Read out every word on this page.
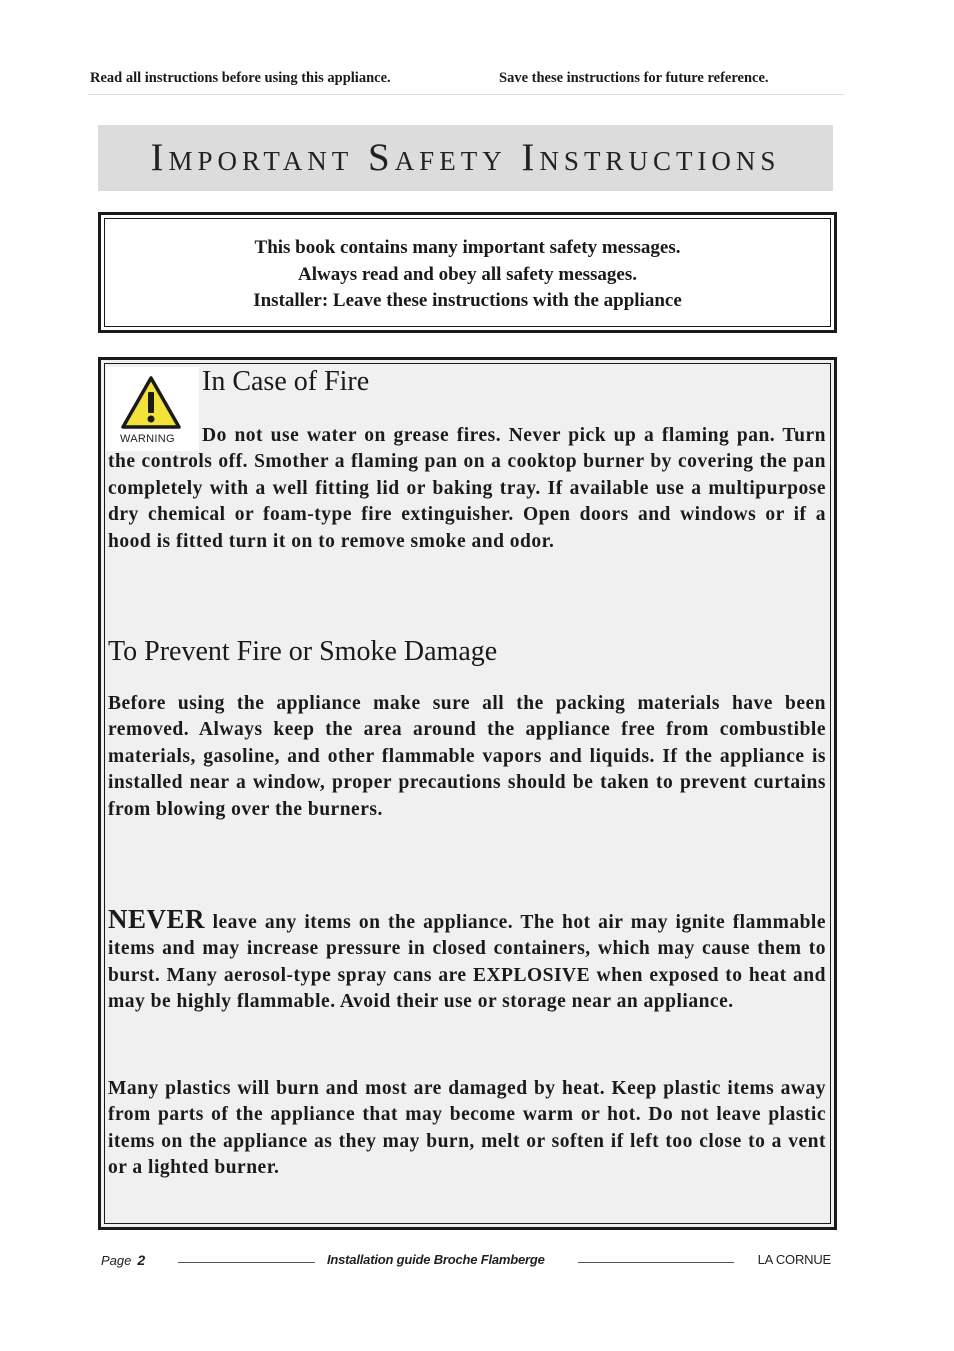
Read all instructions before using this appliance.	Save these instructions for future reference.
Important Safety Instructions
This book contains many important safety messages.
Always read and obey all safety messages.
Installer: Leave these instructions with the appliance
WARNING
In Case of Fire

Do not use water on grease fires. Never pick up a flaming pan. Turn the controls off. Smother a flaming pan on a cooktop burner by covering the pan completely with a well fitting lid or baking tray. If available use a multipurpose dry chemical or foam-type fire extinguisher. Open doors and windows or if a hood is fitted turn it on to remove smoke and odor.

To Prevent Fire or Smoke Damage

Before using the appliance make sure all the packing materials have been removed. Always keep the area around the appliance free from combustible materials, gasoline, and other flammable vapors and liquids. If the appliance is installed near a window, proper precautions should be taken to prevent curtains from blowing over the burners.

NEVER leave any items on the appliance. The hot air may ignite flammable items and may increase pressure in closed containers, which may cause them to burst. Many aerosol-type spray cans are EXPLOSIVE when exposed to heat and may be highly flammable. Avoid their use or storage near an appliance.

Many plastics will burn and most are damaged by heat. Keep plastic items away from parts of the appliance that may become warm or hot. Do not leave plastic items on the appliance as they may burn, melt or soften if left too close to a vent or a lighted burner.

Page 2	Installation guide Broche Flamberge	LA CORNUE
